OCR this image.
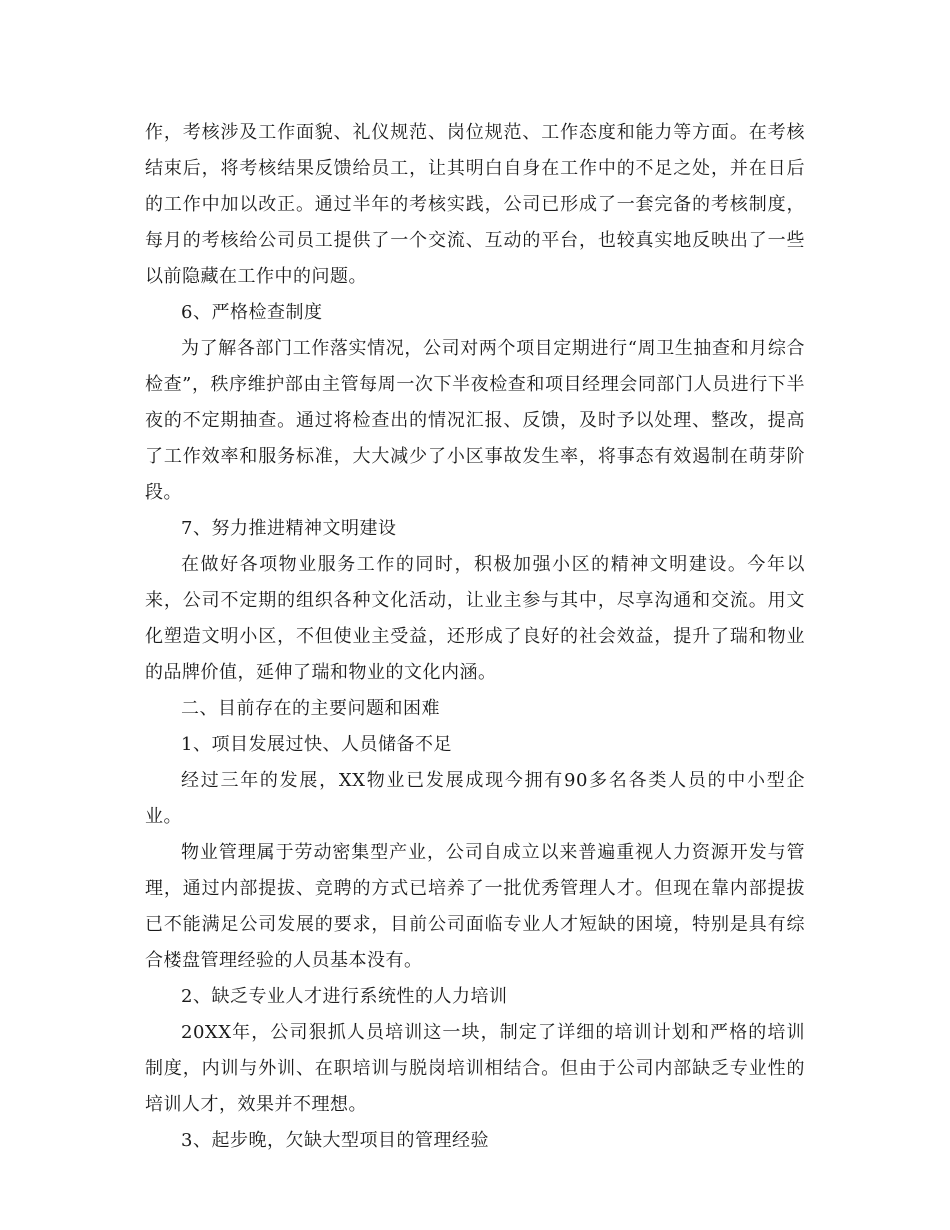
作，考核涉及工作面貌、礼仪规范、岗位规范、工作态度和能力等方面。在考核结束后，将考核结果反馈给员工，让其明白自身在工作中的不足之处，并在日后的工作中加以改正。通过半年的考核实践，公司已形成了一套完备的考核制度，每月的考核给公司员工提供了一个交流、互动的平台，也较真实地反映出了一些以前隐藏在工作中的问题。

6、严格检查制度

为了解各部门工作落实情况，公司对两个项目定期进行“周卫生抽查和月综合检查”，秩序维护部由主管每周一次下半夜检查和项目经理会同部门人员进行下半夜的不定期抽查。通过将检查出的情况汇报、反馈，及时予以处理、整改，提高了工作效率和服务标准，大大减少了小区事故发生率，将事态有效遏制在萌芽阶段。

7、努力推进精神文明建设

在做好各项物业服务工作的同时，积极加强小区的精神文明建设。今年以来，公司不定期的组织各种文化活动，让业主参与其中，尽享沟通和交流。用文化塑造文明小区，不但使业主受益，还形成了良好的社会效益，提升了瑞和物业的品牌价值，延伸了瑞和物业的文化内涵。

二、目前存在的主要问题和困难

1、项目发展过快、人员储备不足

经过三年的发展，XX物业已发展成现今拥有90多名各类人员的中小型企业。

物业管理属于劳动密集型产业，公司自成立以来普遍重视人力资源开发与管理，通过内部提拔、竞聘的方式已培养了一批优秀管理人才。但现在靠内部提拔已不能满足公司发展的要求，目前公司面临专业人才短缺的困境，特别是具有综合楼盘管理经验的人员基本没有。

2、缺乏专业人才进行系统性的人力培训

20XX年，公司狠抓人员培训这一块，制定了详细的培训计划和严格的培训制度，内训与外训、在职培训与脱岗培训相结合。但由于公司内部缺乏专业性的培训人才，效果并不理想。

3、起步晚，欠缺大型项目的管理经验
